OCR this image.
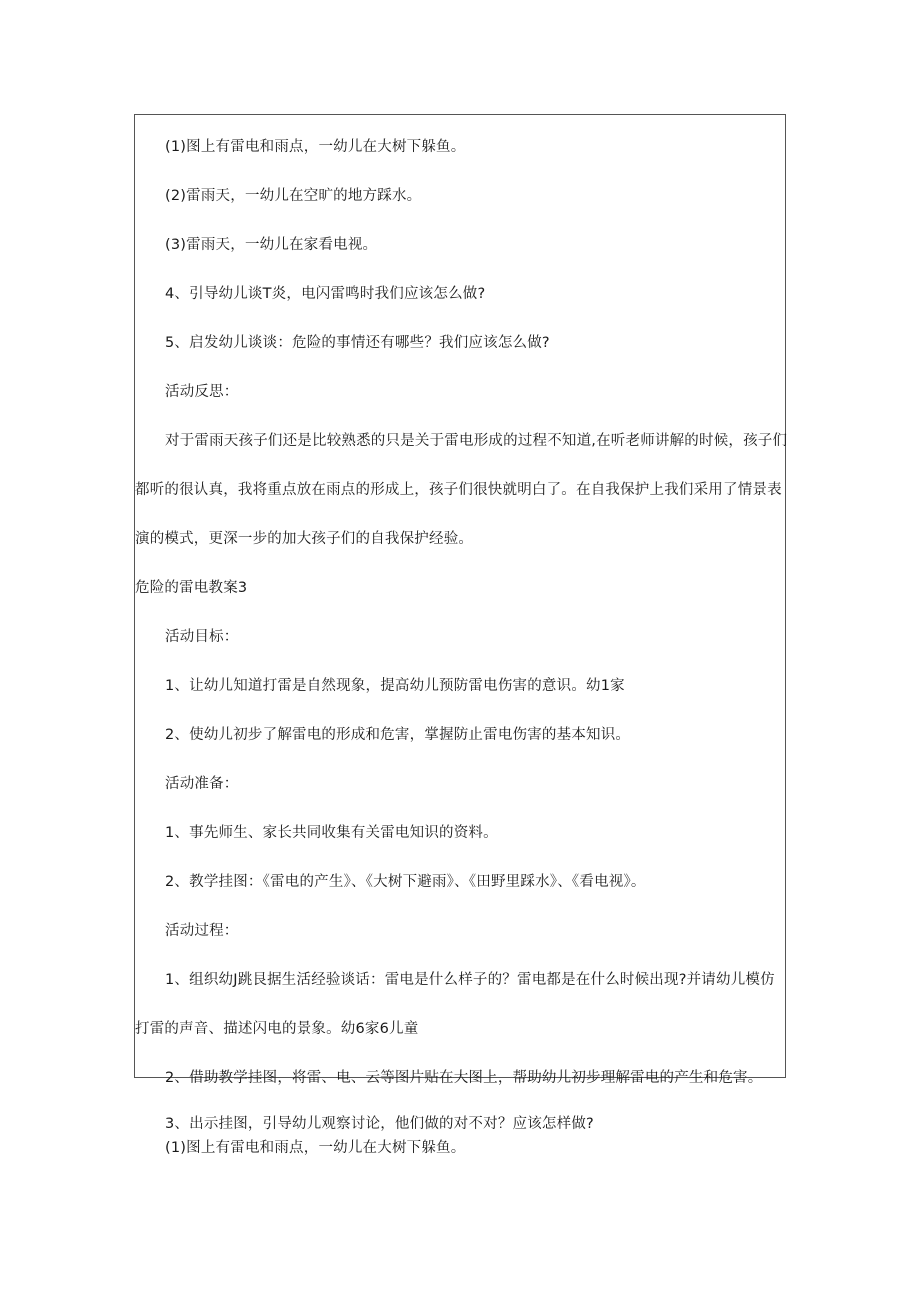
(1)图上有雷电和雨点，一幼儿在大树下躲鱼。
(2)雷雨天，一幼儿在空旷的地方踩水。
(3)雷雨天，一幼儿在家看电视。
4、引导幼儿谈T炎，电闪雷鸣时我们应该怎么做?
5、启发幼儿谈谈：危险的事情还有哪些？我们应该怎么做?
活动反思：
对于雷雨天孩子们还是比较熟悉的只是关于雷电形成的过程不知道,在听老师讲解的时候，孩子们
都听的很认真，我将重点放在雨点的形成上，孩子们很快就明白了。在自我保护上我们采用了情景表
演的模式，更深一步的加大孩子们的自我保护经验。
危险的雷电教案3
活动目标：
1、让幼儿知道打雷是自然现象，提高幼儿预防雷电伤害的意识。幼1家
2、使幼儿初步了解雷电的形成和危害，掌握防止雷电伤害的基本知识。
活动准备：
1、事先师生、家长共同收集有关雷电知识的资料。
2、教学挂图：《雷电的产生》、《大树下避雨》、《田野里踩水》、《看电视》。
活动过程：
1、组织幼J跳艮据生活经验谈话：雷电是什么样子的？雷电都是在什么时候出现?并请幼儿模仿
打雷的声音、描述闪电的景象。幼6家6儿童
2、借助教学挂图，将雷、电、云等图片贴在大图上，帮助幼儿初步理解雷电的产生和危害。
3、出示挂图，引导幼儿观察讨论，他们做的对不对？应该怎样做?
(1)图上有雷电和雨点，一幼儿在大树下躲鱼。
